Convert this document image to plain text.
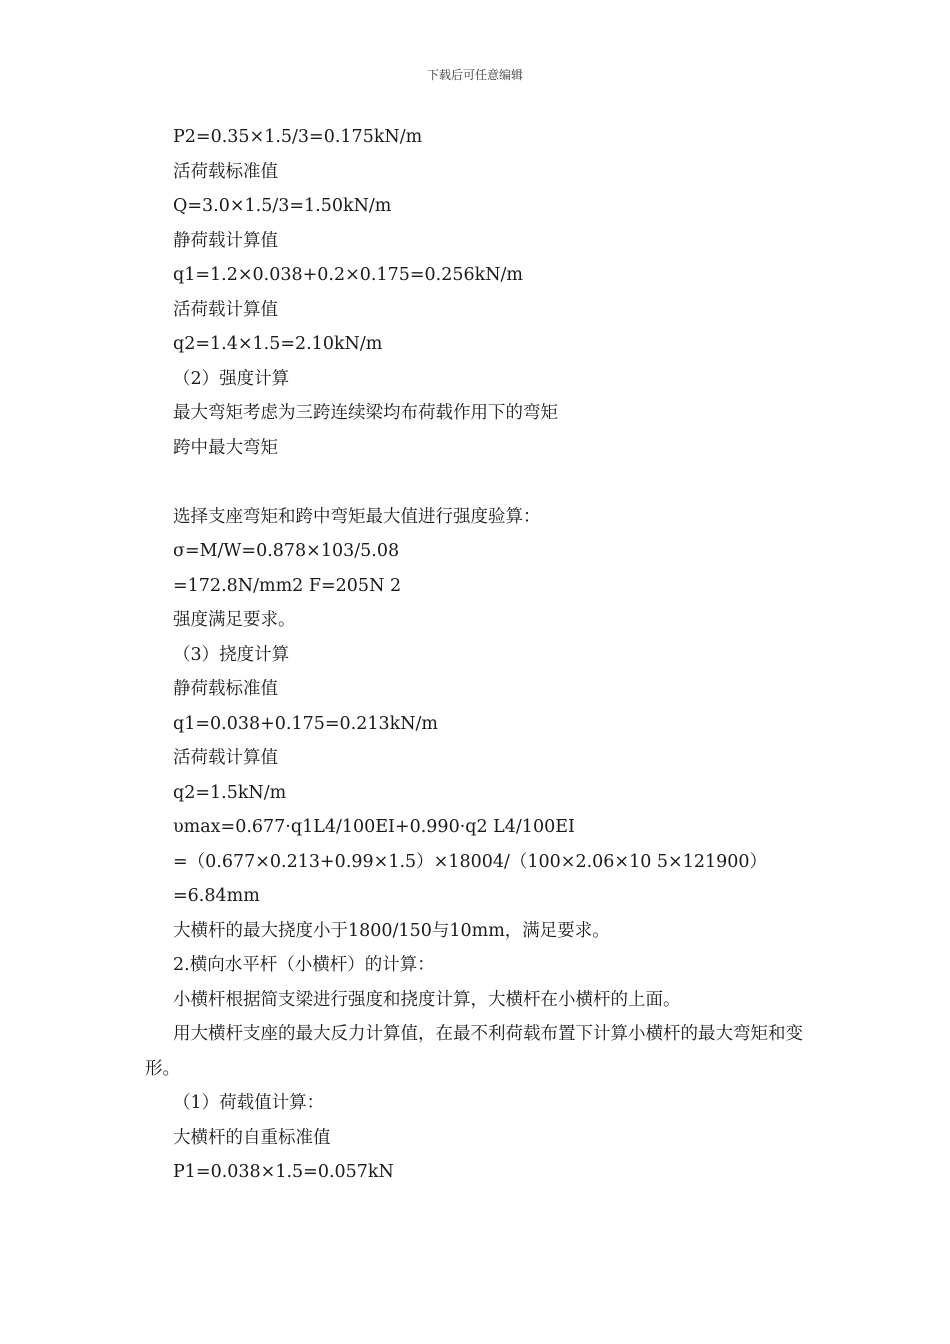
下载后可任意编辑
P2=0.35×1.5/3=0.175kN/m
活荷载标准值
Q=3.0×1.5/3=1.50kN/m
静荷载计算值
q1=1.2×0.038+0.2×0.175=0.256kN/m
活荷载计算值
q2=1.4×1.5=2.10kN/m
（2）强度计算
最大弯矩考虑为三跨连续梁均布荷载作用下的弯矩
跨中最大弯矩
选择支座弯矩和跨中弯矩最大值进行强度验算：
σ=M/W=0.878×103/5.08
=172.8N/mm2 F=205N 2
强度满足要求。
（3）挠度计算
静荷载标准值
q1=0.038+0.175=0.213kN/m
活荷载计算值
q2=1.5kN/m
υmax=0.677·q1L4/100EI+0.990·q2 L4/100EI
=（0.677×0.213+0.99×1.5）×18004/（100×2.06×10 5×121900）
=6.84mm
大横杆的最大挠度小于1800/150与10mm，满足要求。
2.横向水平杆（小横杆）的计算：
小横杆根据简支梁进行强度和挠度计算，大横杆在小横杆的上面。
用大横杆支座的最大反力计算值，在最不利荷载布置下计算小横杆的最大弯矩和变形。
（1）荷载值计算：
大横杆的自重标准值
P1=0.038×1.5=0.057kN
